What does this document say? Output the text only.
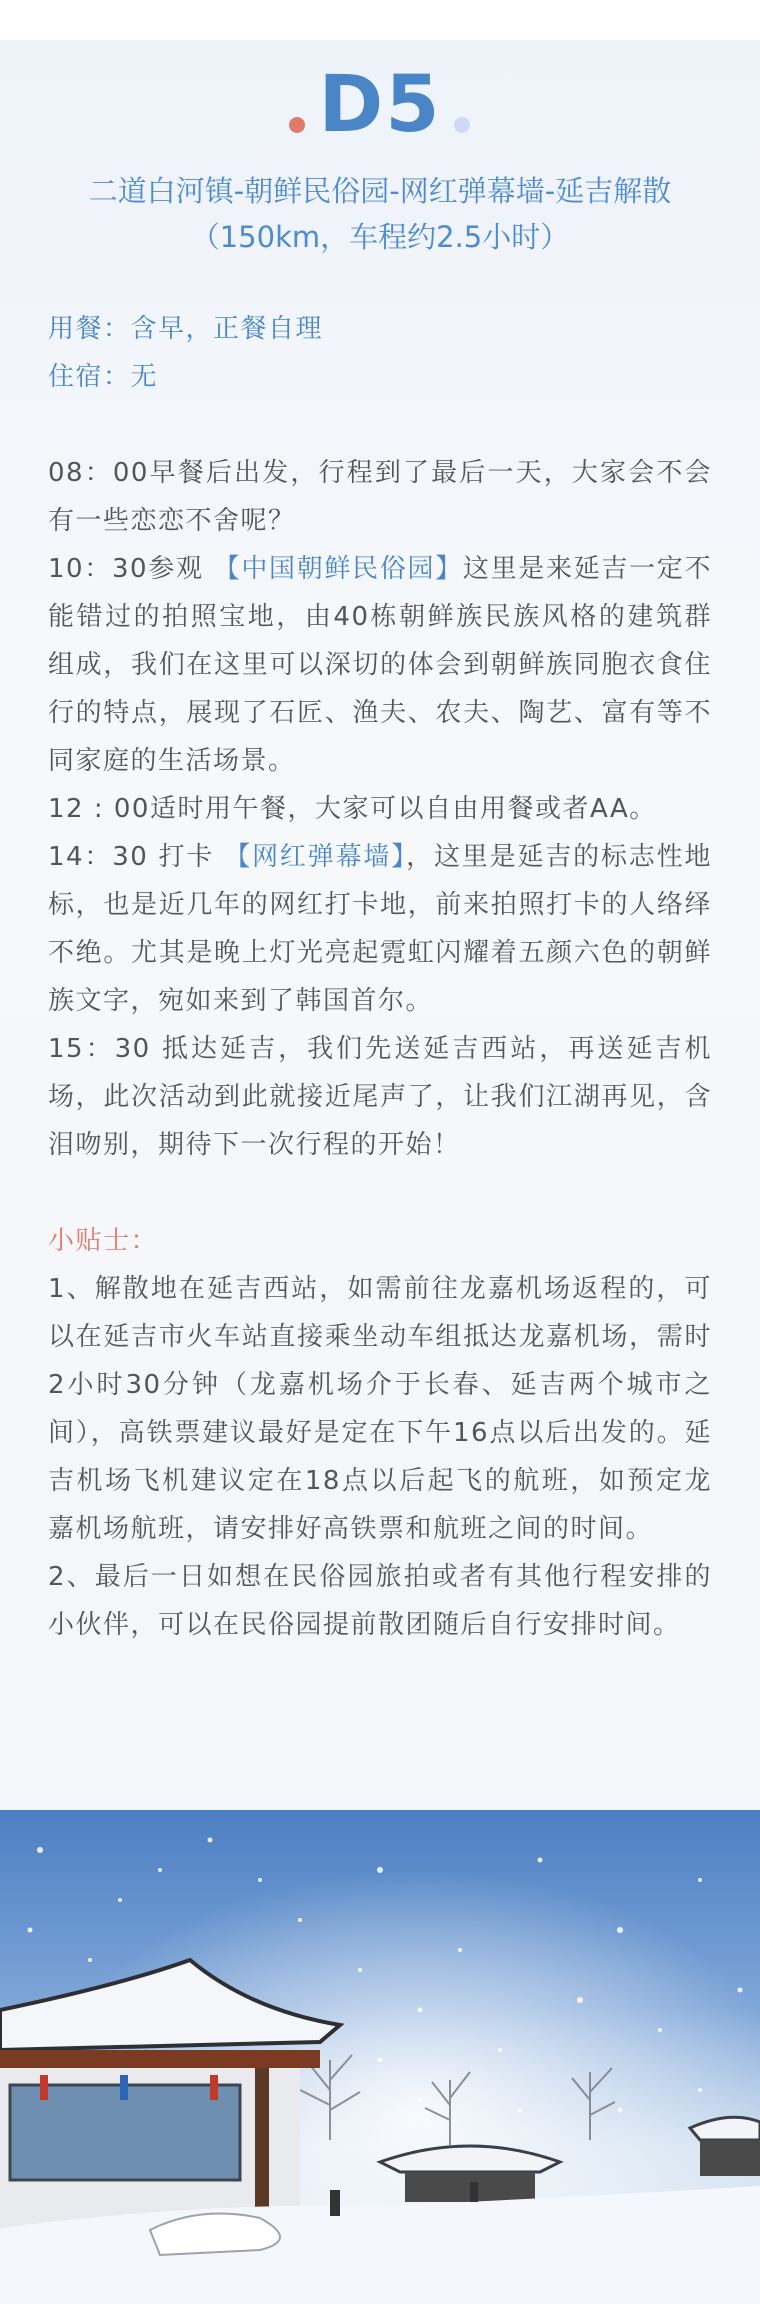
D5
二道白河镇-朝鲜民俗园-网红弹幕墙-延吉解散
（150km，车程约2.5小时）

用餐：含早，正餐自理

住宿：无

08：00早餐后出发，行程到了最后一天，大家会不会有一些恋恋不舍呢？

10：30参观 【中国朝鲜民俗园】这里是来延吉一定不能错过的拍照宝地，由40栋朝鲜族民族风格的建筑群组成，我们在这里可以深切的体会到朝鲜族同胞衣食住行的特点，展现了石匠、渔夫、农夫、陶艺、富有等不同家庭的生活场景。

12 : 00适时用午餐，大家可以自由用餐或者AA。

14：30 打卡 【网红弹幕墙】，这里是延吉的标志性地标，也是近几年的网红打卡地，前来拍照打卡的人络绎不绝。尤其是晚上灯光亮起霓虹闪耀着五颜六色的朝鲜族文字，宛如来到了韩国首尔。

15：30 抵达延吉，我们先送延吉西站，再送延吉机场，此次活动到此就接近尾声了，让我们江湖再见，含泪吻别，期待下一次行程的开始！

小贴士：

1、解散地在延吉西站，如需前往龙嘉机场返程的，可以在延吉市火车站直接乘坐动车组抵达龙嘉机场，需时2小时30分钟（龙嘉机场介于长春、延吉两个城市之间），高铁票建议最好是定在下午16点以后出发的。延吉机场飞机建议定在18点以后起飞的航班，如预定龙嘉机场航班，请安排好高铁票和航班之间的时间。

2、最后一日如想在民俗园旅拍或者有其他行程安排的小伙伴，可以在民俗园提前散团随后自行安排时间。
